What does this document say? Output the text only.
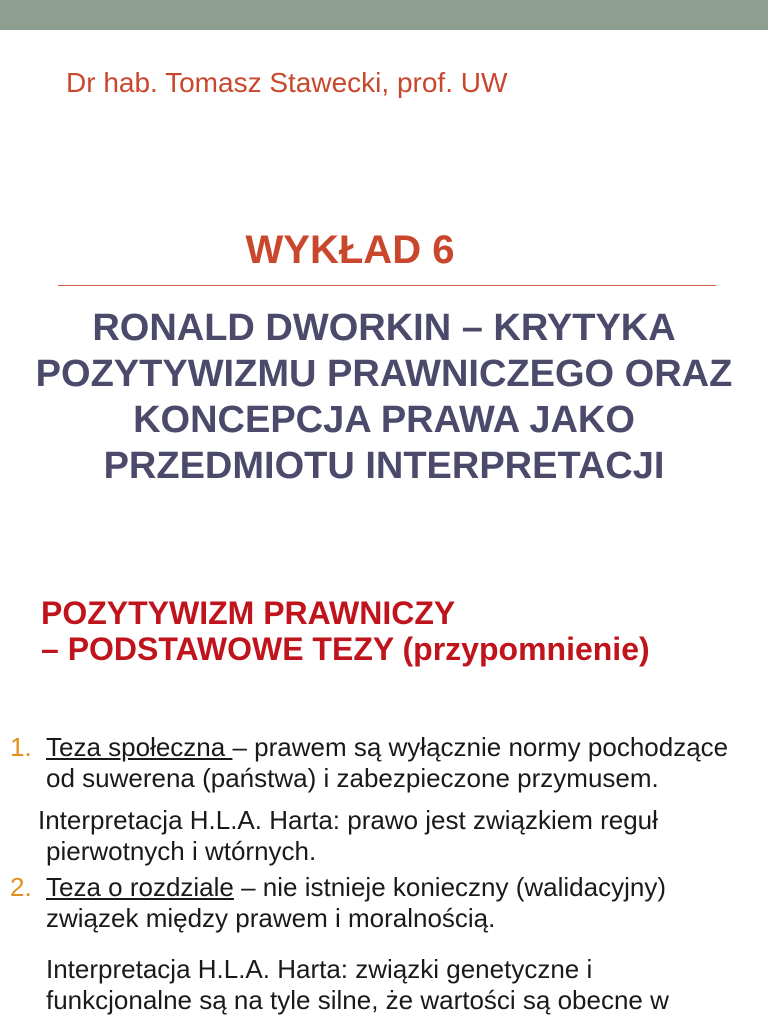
Dr hab. Tomasz Stawecki, prof. UW
WYKŁAD 6
RONALD DWORKIN – KRYTYKA
POZYTYWIZMU PRAWNICZEGO ORAZ
KONCEPCJA PRAWA JAKO
PRZEDMIOTU INTERPRETACJI
POZYTYWIZM PRAWNICZY
– PODSTAWOWE TEZY (przypomnienie)
1. Teza społeczna – prawem są wyłącznie normy pochodzące
od suwerena (państwa) i zabezpieczone przymusem.
Interpretacja H.L.A. Harta: prawo jest związkiem reguł
pierwotnych i wtórnych.
2. Teza o rozdziale – nie istnieje konieczny (walidacyjny)
związek między prawem i moralnością.
Interpretacja H.L.A. Harta: związki genetyczne i
funkcjonalne są na tyle silne, że wartości są obecne w
